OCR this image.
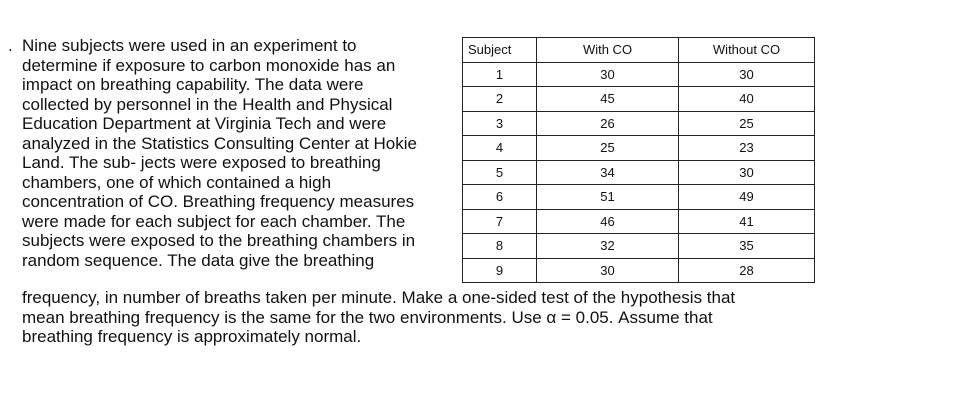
. Nine subjects were used in an experiment to
determine if exposure to carbon monoxide has an
impact on breathing capability. The data were
collected by personnel in the Health and Physical
Education Department at Virginia Tech and were
analyzed in the Statistics Consulting Center at Hokie
Land. The sub- jects were exposed to breathing
chambers, one of which contained a high
concentration of CO. Breathing frequency measures
were made for each subject for each chamber. The
subjects were exposed to the breathing chambers in
random sequence. The data give the breathing
Subject	With CO	Without CO
1	30	30
2	45	40
3	26	25
4	25	23
5	34	30
6	51	49
7	46	41
8	32	35
9	30	28
frequency, in number of breaths taken per minute. Make a one-sided test of the hypothesis that
mean breathing frequency is the same for the two environments. Use α = 0.05. Assume that
breathing frequency is approximately normal.
